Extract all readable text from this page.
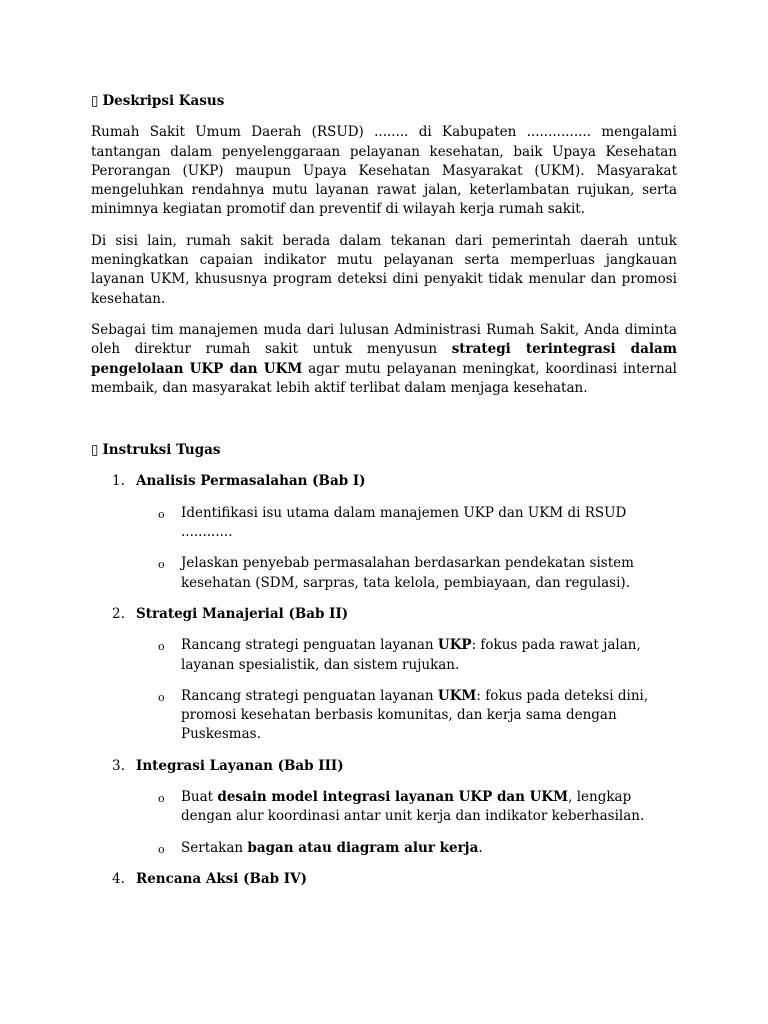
▯ Deskripsi Kasus

Rumah Sakit Umum Daerah (RSUD) ........ di Kabupaten ............... mengalami tantangan dalam penyelenggaraan pelayanan kesehatan, baik Upaya Kesehatan Perorangan (UKP) maupun Upaya Kesehatan Masyarakat (UKM). Masyarakat mengeluhkan rendahnya mutu layanan rawat jalan, keterlambatan rujukan, serta minimnya kegiatan promotif dan preventif di wilayah kerja rumah sakit.

Di sisi lain, rumah sakit berada dalam tekanan dari pemerintah daerah untuk meningkatkan capaian indikator mutu pelayanan serta memperluas jangkauan layanan UKM, khususnya program deteksi dini penyakit tidak menular dan promosi kesehatan.

Sebagai tim manajemen muda dari lulusan Administrasi Rumah Sakit, Anda diminta oleh direktur rumah sakit untuk menyusun strategi terintegrasi dalam pengelolaan UKP dan UKM agar mutu pelayanan meningkat, koordinasi internal membaik, dan masyarakat lebih aktif terlibat dalam menjaga kesehatan.

▯ Instruksi Tugas

1. Analisis Permasalahan (Bab I)
o Identifikasi isu utama dalam manajemen UKP dan UKM di RSUD ............
o Jelaskan penyebab permasalahan berdasarkan pendekatan sistem kesehatan (SDM, sarpras, tata kelola, pembiayaan, dan regulasi).
2. Strategi Manajerial (Bab II)
o Rancang strategi penguatan layanan UKP: fokus pada rawat jalan, layanan spesialistik, dan sistem rujukan.
o Rancang strategi penguatan layanan UKM: fokus pada deteksi dini, promosi kesehatan berbasis komunitas, dan kerja sama dengan Puskesmas.
3. Integrasi Layanan (Bab III)
o Buat desain model integrasi layanan UKP dan UKM, lengkap dengan alur koordinasi antar unit kerja dan indikator keberhasilan.
o Sertakan bagan atau diagram alur kerja.
4. Rencana Aksi (Bab IV)
